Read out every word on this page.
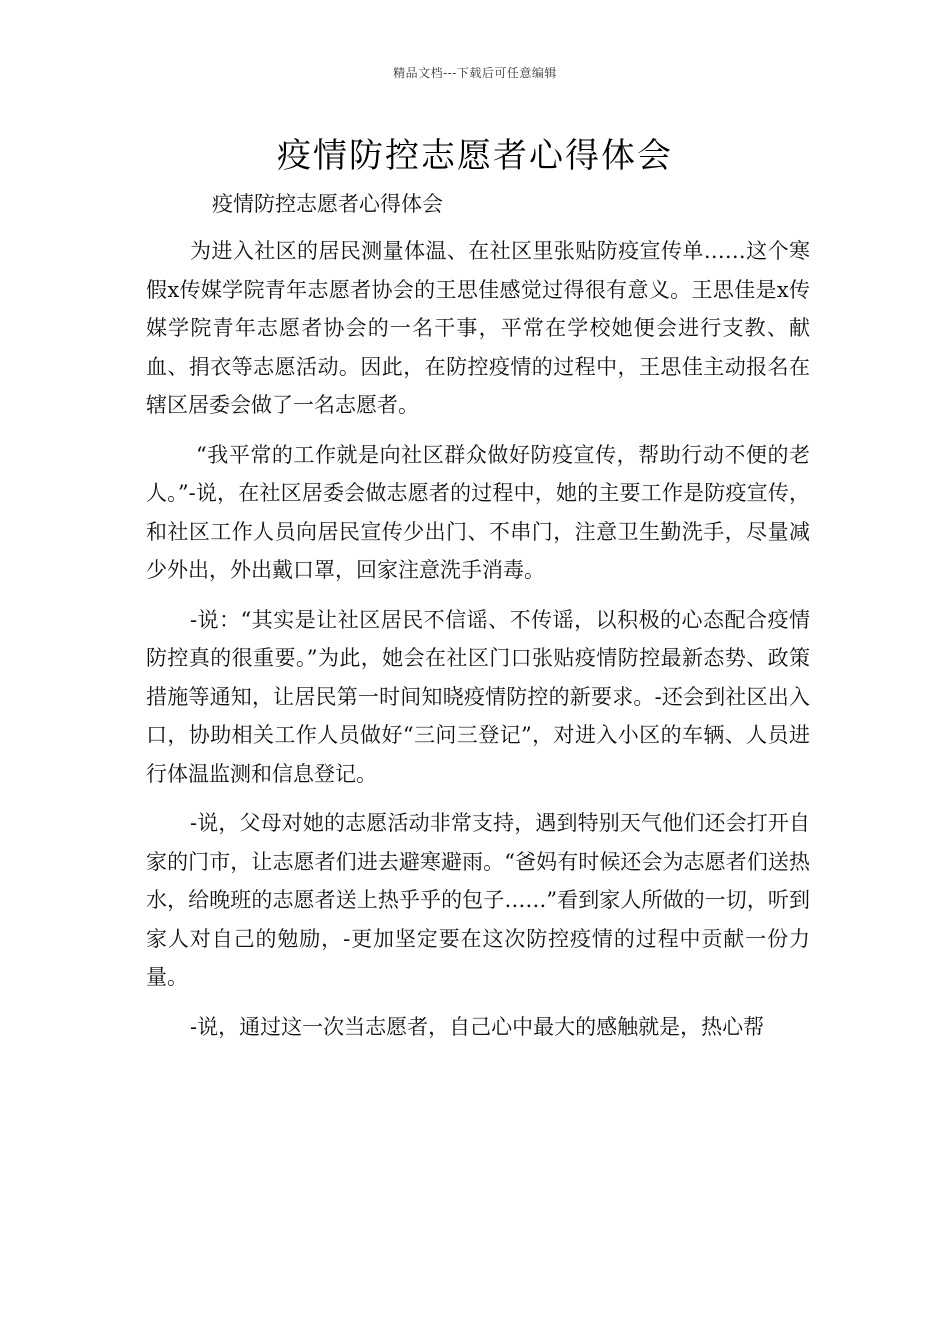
精品文档---下载后可任意编辑
疫情防控志愿者心得体会
疫情防控志愿者心得体会

为进入社区的居民测量体温、在社区里张贴防疫宣传单……这个寒假x传媒学院青年志愿者协会的王思佳感觉过得很有意义。王思佳是x传媒学院青年志愿者协会的一名干事，平常在学校她便会进行支教、献血、捐衣等志愿活动。因此，在防控疫情的过程中，王思佳主动报名在辖区居委会做了一名志愿者。

“我平常的工作就是向社区群众做好防疫宣传，帮助行动不便的老人。”-说，在社区居委会做志愿者的过程中，她的主要工作是防疫宣传，和社区工作人员向居民宣传少出门、不串门，注意卫生勤洗手，尽量减少外出，外出戴口罩，回家注意洗手消毒。

-说：“其实是让社区居民不信谣、不传谣，以积极的心态配合疫情防控真的很重要。”为此，她会在社区门口张贴疫情防控最新态势、政策措施等通知，让居民第一时间知晓疫情防控的新要求。-还会到社区出入口，协助相关工作人员做好“三问三登记”，对进入小区的车辆、人员进行体温监测和信息登记。

-说，父母对她的志愿活动非常支持，遇到特别天气他们还会打开自家的门市，让志愿者们进去避寒避雨。“爸妈有时候还会为志愿者们送热水，给晚班的志愿者送上热乎乎的包子……”看到家人所做的一切，听到家人对自己的勉励，-更加坚定要在这次防控疫情的过程中贡献一份力量。

-说，通过这一次当志愿者，自己心中最大的感触就是，热心帮
